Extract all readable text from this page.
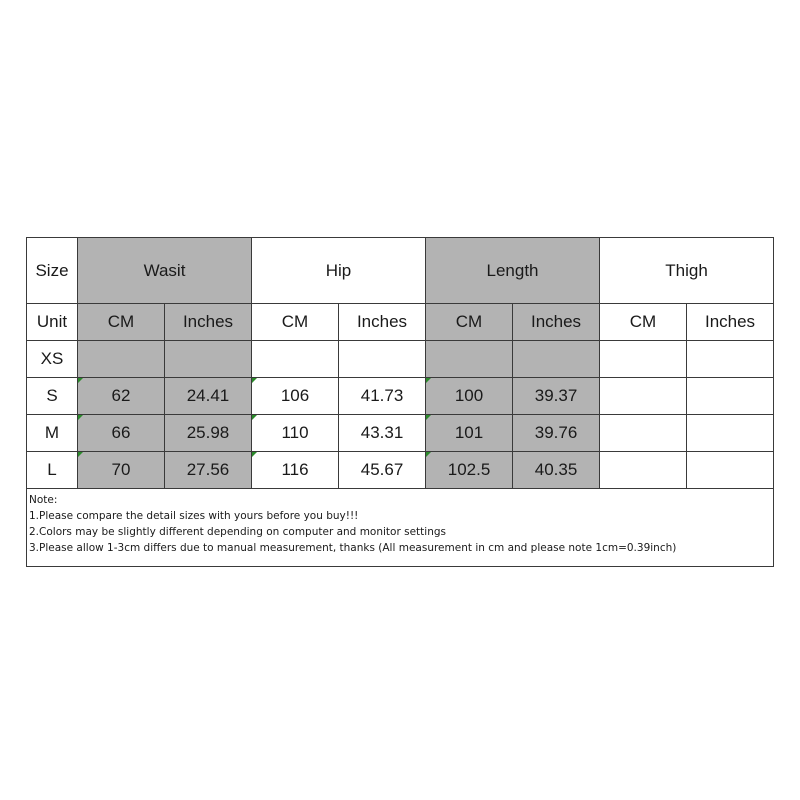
Size	Wasit		Hip		Length		Thigh	
Unit	CM	Inches	CM	Inches	CM	Inches	CM	Inches
XS								
S	62	24.41	106	41.73	100	39.37		
M	66	25.98	110	43.31	101	39.76		
L	70	27.56	116	45.67	102.5	40.35		

Note:
1.Please compare the detail sizes with yours before you buy!!!
2.Colors may be slightly different depending on computer and monitor settings
3.Please allow 1-3cm differs due to manual measurement, thanks (All measurement in cm and please note 1cm=0.39inch)								
